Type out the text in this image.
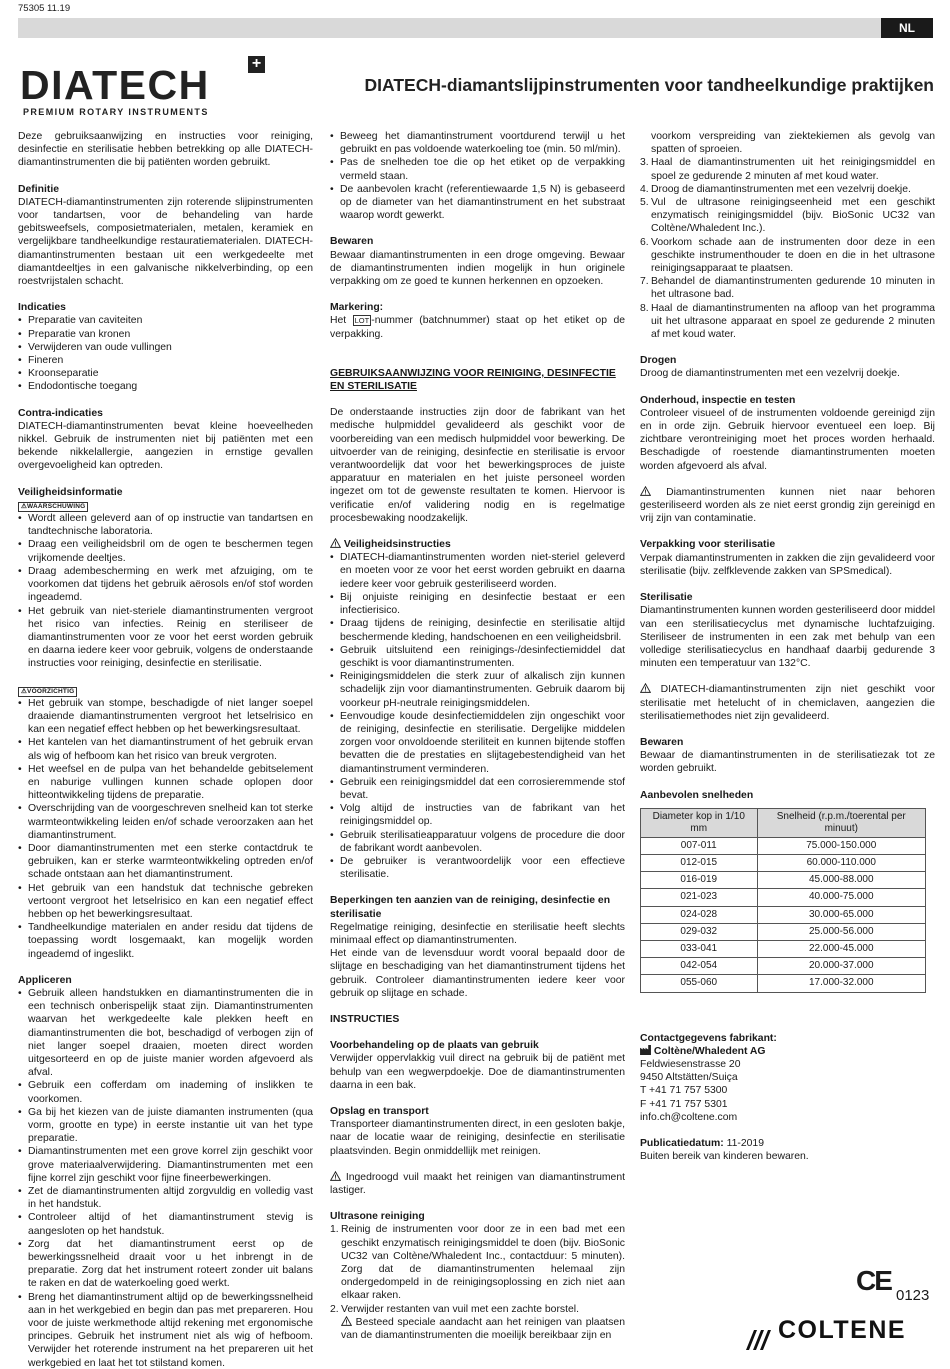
75305 11.19
NL
DIATECH	+
PREMIUM ROTARY INSTRUMENTS
DIATECH-diamantslijpinstrumenten voor tandheelkundige praktijken

Deze gebruiksaanwijzing en instructies voor reiniging, desinfectie en sterilisatie hebben betrekking op alle DIATECH-diamantinstrumenten die bij patiënten worden gebruikt.

Definitie

DIATECH-diamantinstrumenten zijn roterende slijpinstrumenten voor tandartsen, voor de behandeling van harde gebitsweefsels, composietmaterialen, metalen, keramiek en vergelijkbare tandheelkundige restauratiematerialen. DIATECH-diamantinstrumenten bestaan uit een werkgedeelte met diamantdeeltjes in een galvanische nikkelverbinding, op een roestvrijstalen schacht.

Indicaties
• Preparatie van caviteiten
• Preparatie van kronen
• Verwijderen van oude vullingen
• Fineren
• Kroonseparatie
• Endodontische toegang
Contra-indicaties

DIATECH-diamantinstrumenten bevat kleine hoeveelheden nikkel. Gebruik de instrumenten niet bij patiënten met een bekende nikkelallergie, aangezien in ernstige gevallen overgevoeligheid kan optreden.

Veiligheidsinformatie
⚠WAARSCHUWING
• Wordt alleen geleverd aan of op instructie van tandartsen en tandtechnische laboratoria.
• Draag een veiligheidsbril om de ogen te beschermen tegen vrijkomende deeltjes.
• Draag adembescherming en werk met afzuiging, om te voorkomen dat tijdens het gebruik aërosols en/of stof worden ingeademd.
• Het gebruik van niet-steriele diamantinstrumenten vergroot het risico van infecties. Reinig en steriliseer de diamantinstrumenten voor ze voor het eerst worden gebruik en daarna iedere keer voor gebruik, volgens de onderstaande instructies voor reiniging, desinfectie en sterilisatie.
⚠VOORZICHTIG
• Het gebruik van stompe, beschadigde of niet langer soepel draaiende diamantinstrumenten vergroot het letselrisico en kan een negatief effect hebben op het bewerkingsresultaat.
• Het kantelen van het diamantinstrument of het gebruik ervan als wig of hefboom kan het risico van breuk vergroten.
• Het weefsel en de pulpa van het behandelde gebitselement en naburige vullingen kunnen schade oplopen door hitteontwikkeling tijdens de preparatie.
• Overschrijding van de voorgeschreven snelheid kan tot sterke warmteontwikkeling leiden en/of schade veroorzaken aan het diamantinstrument.
• Door diamantinstrumenten met een sterke contactdruk te gebruiken, kan er sterke warmteontwikkeling optreden en/of schade ontstaan aan het diamantinstrument.
• Het gebruik van een handstuk dat technische gebreken vertoont vergroot het letselrisico en kan een negatief effect hebben op het bewerkingsresultaat.
• Tandheelkundige materialen en ander residu dat tijdens de toepassing wordt losgemaakt, kan mogelijk worden ingeademd of ingeslikt.
Appliceren
• Gebruik alleen handstukken en diamantinstrumenten die in een technisch onberispelijk staat zijn. Diamantinstrumenten waarvan het werkgedeelte kale plekken heeft en diamantinstrumenten die bot, beschadigd of verbogen zijn of niet langer soepel draaien, moeten direct worden uitgesorteerd en op de juiste manier worden afgevoerd als afval.
• Gebruik een cofferdam om inademing of inslikken te voorkomen.
• Ga bij het kiezen van de juiste diamanten instrumenten (qua vorm, grootte en type) in eerste instantie uit van het type preparatie.
• Diamantinstrumenten met een grove korrel zijn geschikt voor grove materiaalverwijdering. Diamantinstrumenten met een fijne korrel zijn geschikt voor fijne fineerbewerkingen.
• Zet de diamantinstrumenten altijd zorgvuldig en volledig vast in het handstuk.
• Controleer altijd of het diamantinstrument stevig is aangesloten op het handstuk.
• Zorg dat het diamantinstrument eerst op de bewerkingssnelheid draait voor u het inbrengt in de preparatie. Zorg dat het instrument roteert zonder uit balans te raken en dat de waterkoeling goed werkt.
• Breng het diamantinstrument altijd op de bewerkingssnelheid aan in het werkgebied en begin dan pas met prepareren. Hou voor de juiste werkmethode altijd rekening met ergonomische principes. Gebruik het instrument niet als wig of hefboom. Verwijder het roterende instrument na het prepareren uit het werkgebied en laat het tot stilstand komen.
• Beweeg het diamantinstrument voortdurend terwijl u het gebruikt en pas voldoende waterkoeling toe (min. 50 ml/min).
• Pas de snelheden toe die op het etiket op de verpakking vermeld staan.
• De aanbevolen kracht (referentiewaarde 1,5 N) is gebaseerd op de diameter van het diamantinstrument en het substraat waarop wordt gewerkt.
Bewaren

Bewaar diamantinstrumenten in een droge omgeving. Bewaar de diamantinstrumenten indien mogelijk in hun originele verpakking om ze goed te kunnen herkennen en opzoeken.

Markering:

Het LOT -nummer (batchnummer) staat op het etiket op de verpakking.

GEBRUIKSAANWIJZING VOOR REINIGING, DESINFECTIE EN STERILISATIE

De onderstaande instructies zijn door de fabrikant van het medische hulpmiddel gevalideerd als geschikt voor de voorbereiding van een medisch hulpmiddel voor bewerking. De uitvoerder van de reiniging, desinfectie en sterilisatie is ervoor verantwoordelijk dat voor het bewerkingsproces de juiste apparatuur en materialen en het juiste personeel worden ingezet om tot de gewenste resultaten te komen. Hiervoor is verificatie en/of validering nodig en is regelmatige procesbewaking noodzakelijk.

Veiligheidsinstructies
• DIATECH-diamantinstrumenten worden niet-steriel geleverd en moeten voor ze voor het eerst worden gebruikt en daarna iedere keer voor gebruik gesteriliseerd worden.
• Bij onjuiste reiniging en desinfectie bestaat er een infectierisico.
• Draag tijdens de reiniging, desinfectie en sterilisatie altijd beschermende kleding, handschoenen en een veiligheidsbril.
• Gebruik uitsluitend een reinigings-/desinfectiemiddel dat geschikt is voor diamantinstrumenten.
• Reinigingsmiddelen die sterk zuur of alkalisch zijn kunnen schadelijk zijn voor diamantinstrumenten. Gebruik daarom bij voorkeur pH-neutrale reinigingsmiddelen.
• Eenvoudige koude desinfectiemiddelen zijn ongeschikt voor de reiniging, desinfectie en sterilisatie. Dergelijke middelen zorgen voor onvoldoende steriliteit en kunnen bijtende stoffen bevatten die de prestaties en slijtagebestendigheid van het diamantinstrument verminderen.
• Gebruik een reinigingsmiddel dat een corrosieremmende stof bevat.
• Volg altijd de instructies van de fabrikant van het reinigingsmiddel op.
• Gebruik sterilisatieapparatuur volgens de procedure die door de fabrikant wordt aanbevolen.
• De gebruiker is verantwoordelijk voor een effectieve sterilisatie.
Beperkingen ten aanzien van de reiniging, desinfectie en sterilisatie

Regelmatige reiniging, desinfectie en sterilisatie heeft slechts minimaal effect op diamantinstrumenten.

Het einde van de levensduur wordt vooral bepaald door de slijtage en beschadiging van het diamantinstrument tijdens het gebruik. Controleer diamantinstrumenten iedere keer voor gebruik op slijtage en schade.

INSTRUCTIES
Voorbehandeling op de plaats van gebruik

Verwijder oppervlakkig vuil direct na gebruik bij de patiënt met behulp van een wegwerpdoekje. Doe de diamantinstrumenten daarna in een bak.

Opslag en transport

Transporteer diamantinstrumenten direct, in een gesloten bakje, naar de locatie waar de reiniging, desinfectie en sterilisatie plaatsvinden. Begin onmiddellijk met reinigen.

Ingedroogd vuil maakt het reinigen van diamantinstrument lastiger.

Ultrasone reiniging
1. Reinig de instrumenten voor door ze in een bad met een geschikt enzymatisch reinigingsmiddel te doen (bijv. BioSonic UC32 van Coltène/Whaledent Inc., contactduur: 5 minuten). Zorg dat de diamantinstrumenten helemaal zijn ondergedompeld in de reinigingsoplossing en zich niet aan elkaar raken.
2. Verwijder restanten van vuil met een zachte borstel.

Besteed speciale aandacht aan het reinigen van plaatsen van de diamantinstrumenten die moeilijk bereikbaar zijn en

voorkom verspreiding van ziektekiemen als gevolg van spatten of sproeien.

3. Haal de diamantinstrumenten uit het reinigingsmiddel en spoel ze gedurende 2 minuten af met koud water.
4. Droog de diamantinstrumenten met een vezelvrij doekje.
5. Vul de ultrasone reinigingseenheid met een geschikt enzymatisch reinigingsmiddel (bijv. BioSonic UC32 van Coltène/Whaledent Inc.).
6. Voorkom schade aan de instrumenten door deze in een geschikte instrumenthouder te doen en die in het ultrasone reinigingsapparaat te plaatsen.
7. Behandel de diamantinstrumenten gedurende 10 minuten in het ultrasone bad.
8. Haal de diamantinstrumenten na afloop van het programma uit het ultrasone apparaat en spoel ze gedurende 2 minuten af met koud water.
Drogen

Droog de diamantinstrumenten met een vezelvrij doekje.

Onderhoud, inspectie en testen

Controleer visueel of de instrumenten voldoende gereinigd zijn en in orde zijn. Gebruik hiervoor eventueel een loep. Bij zichtbare verontreiniging moet het proces worden herhaald. Beschadigde of roestende diamantinstrumenten moeten worden afgevoerd als afval.

Diamantinstrumenten kunnen niet naar behoren gesteriliseerd worden als ze niet eerst grondig zijn gereinigd en vrij zijn van contaminatie.

Verpakking voor sterilisatie

Verpak diamantinstrumenten in zakken die zijn gevalideerd voor sterilisatie (bijv. zelfklevende zakken van SPSmedical).

Sterilisatie

Diamantinstrumenten kunnen worden gesteriliseerd door middel van een sterilisatiecyclus met dynamische luchtafzuiging. Steriliseer de instrumenten in een zak met behulp van een volledige sterilisatiecyclus en handhaaf daarbij gedurende 3 minuten een temperatuur van 132°C.

DIATECH-diamantinstrumenten zijn niet geschikt voor sterilisatie met hetelucht of in chemiclaven, aangezien die sterilisatiemethodes niet zijn gevalideerd.

Bewaren

Bewaar de diamantinstrumenten in de sterilisatiezak tot ze worden gebruikt.

Aanbevolen snelheden
Diameter kop in 1/10 mm	Snelheid (r.p.m./toerental per minuut)
007-011	75.000-150.000
012-015	60.000-110.000
016-019	45.000-88.000
021-023	40.000-75.000
024-028	30.000-65.000
029-032	25.000-56.000
033-041	22.000-45.000
042-054	20.000-37.000
055-060	17.000-32.000
Contactgegevens fabrikant:

Coltène/Whaledent AG

Feldwiesenstrasse 20

9450 Altstätten/Suiça

T +41 71 757 5300

F +41 71 757 5301

info.ch@coltene.com

Publicatiedatum: 11-2019

Buiten bereik van kinderen bewaren.

CE 0123
COLTENE
